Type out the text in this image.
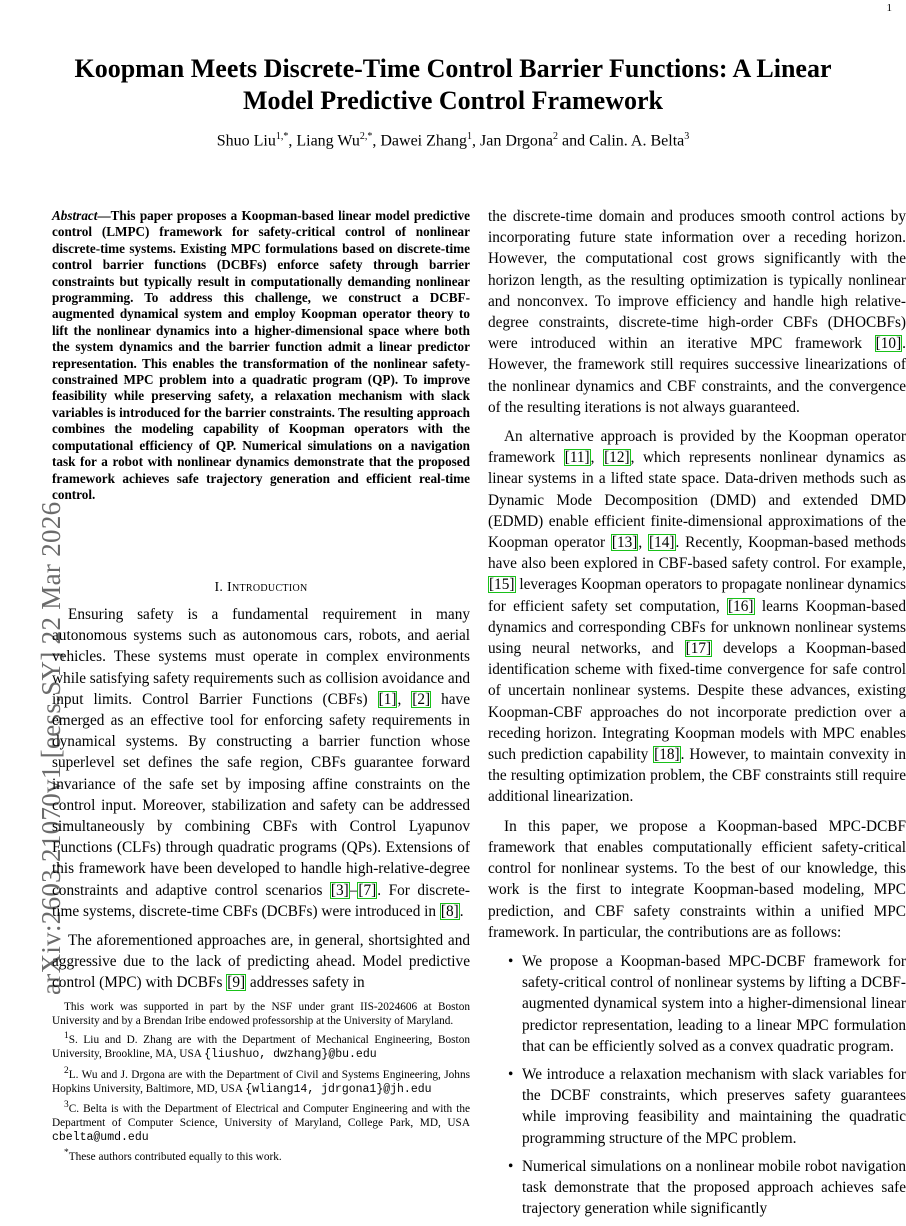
1
arXiv:2603.21070v1 [eess.SY] 22 Mar 2026
Koopman Meets Discrete-Time Control Barrier Functions: A Linear Model Predictive Control Framework
Shuo Liu$^{1,*}$, Liang $Wu^{2,*}$, Dawei Zhang$^1$, Jan Drgona$^2$ and Calin. A. Belta$^3$

Abstract—This paper proposes a Koopman-based linear model predictive control (LMPC) framework for safety-critical control of nonlinear discrete-time systems. Existing MPC formulations based on discrete-time control barrier functions (DCBFs) enforce safety through barrier constraints but typically result in computationally demanding nonlinear programming. To address this challenge, we construct a DCBF-augmented dynamical system and employ Koopman operator theory to lift the nonlinear dynamics into a higher-dimensional space where both the system dynamics and the barrier function admit a linear predictor representation. This enables the transformation of the nonlinear safety-constrained MPC problem into a quadratic program (QP). To improve feasibility while preserving safety, a relaxation mechanism with slack variables is introduced for the barrier constraints. The resulting approach combines the modeling capability of Koopman operators with the computational efficiency of QP. Numerical simulations on a navigation task for a robot with nonlinear dynamics demonstrate that the proposed framework achieves safe trajectory generation and efficient real-time control.

I. Introduction

Ensuring safety is a fundamental requirement in many autonomous systems such as autonomous cars, robots, and aerial vehicles. These systems must operate in complex environments while satisfying safety requirements such as collision avoidance and input limits. Control Barrier Functions (CBFs) [1], [2] have emerged as an effective tool for enforcing safety requirements in dynamical systems. By constructing a barrier function whose superlevel set defines the safe region, CBFs guarantee forward invariance of the safe set by imposing affine constraints on the control input. Moreover, stabilization and safety can be addressed simultaneously by combining CBFs with Control Lyapunov Functions (CLFs) through quadratic programs (QPs). Extensions of this framework have been developed to handle high-relative-degree constraints and adaptive control scenarios [3]–[7]. For discrete-time systems, discrete-time CBFs (DCBFs) were introduced in [8].

The aforementioned approaches are, in general, shortsighted and aggressive due to the lack of predicting ahead. Model predictive control (MPC) with DCBFs [9] addresses safety in

This work was supported in part by the NSF under grant IIS-2024606 at Boston University and by a Brendan Iribe endowed professorship at the University of Maryland.

$^1$S. Liu and D. Zhang are with the Department of Mechanical Engineering, Boston University, Brookline, MA, USA {liushuo, dwzhang}@bu.edu

$^2$L. Wu and J. Drgona are with the Department of Civil and Systems Engineering, Johns Hopkins University, Baltimore, MD, USA {wliang14, jdrgona1}@jh.edu

$^3$C. Belta is with the Department of Electrical and Computer Engineering and with the Department of Computer Science, University of Maryland, College Park, MD, USA cbelta@umd.edu

*These authors contributed equally to this work.

the discrete-time domain and produces smooth control actions by incorporating future state information over a receding horizon. However, the computational cost grows significantly with the horizon length, as the resulting optimization is typically nonlinear and nonconvex. To improve efficiency and handle high relative-degree constraints, discrete-time high-order CBFs (DHOCBFs) were introduced within an iterative MPC framework [10]. However, the framework still requires successive linearizations of the nonlinear dynamics and CBF constraints, and the convergence of the resulting iterations is not always guaranteed.

An alternative approach is provided by the Koopman operator framework [11], [12], which represents nonlinear dynamics as linear systems in a lifted state space. Data-driven methods such as Dynamic Mode Decomposition (DMD) and extended DMD (EDMD) enable efficient finite-dimensional approximations of the Koopman operator [13], [14]. Recently, Koopman-based methods have also been explored in CBF-based safety control. For example, [15] leverages Koopman operators to propagate nonlinear dynamics for efficient safety set computation, [16] learns Koopman-based dynamics and corresponding CBFs for unknown nonlinear systems using neural networks, and [17] develops a Koopman-based identification scheme with fixed-time convergence for safe control of uncertain nonlinear systems. Despite these advances, existing Koopman-CBF approaches do not incorporate prediction over a receding horizon. Integrating Koopman models with MPC enables such prediction capability [18]. However, to maintain convexity in the resulting optimization problem, the CBF constraints still require additional linearization.

In this paper, we propose a Koopman-based MPC-DCBF framework that enables computationally efficient safety-critical control for nonlinear systems. To the best of our knowledge, this work is the first to integrate Koopman-based modeling, MPC prediction, and CBF safety constraints within a unified MPC framework. In particular, the contributions are as follows:

• We propose a Koopman-based MPC-DCBF framework for safety-critical control of nonlinear systems by lifting a DCBF-augmented dynamical system into a higher-dimensional linear predictor representation, leading to a linear MPC formulation that can be efficiently solved as a convex quadratic program.
• We introduce a relaxation mechanism with slack variables for the DCBF constraints, which preserves safety guarantees while improving feasibility and maintaining the quadratic programming structure of the MPC problem.
• Numerical simulations on a nonlinear mobile robot navigation task demonstrate that the proposed approach achieves safe trajectory generation while significantly
